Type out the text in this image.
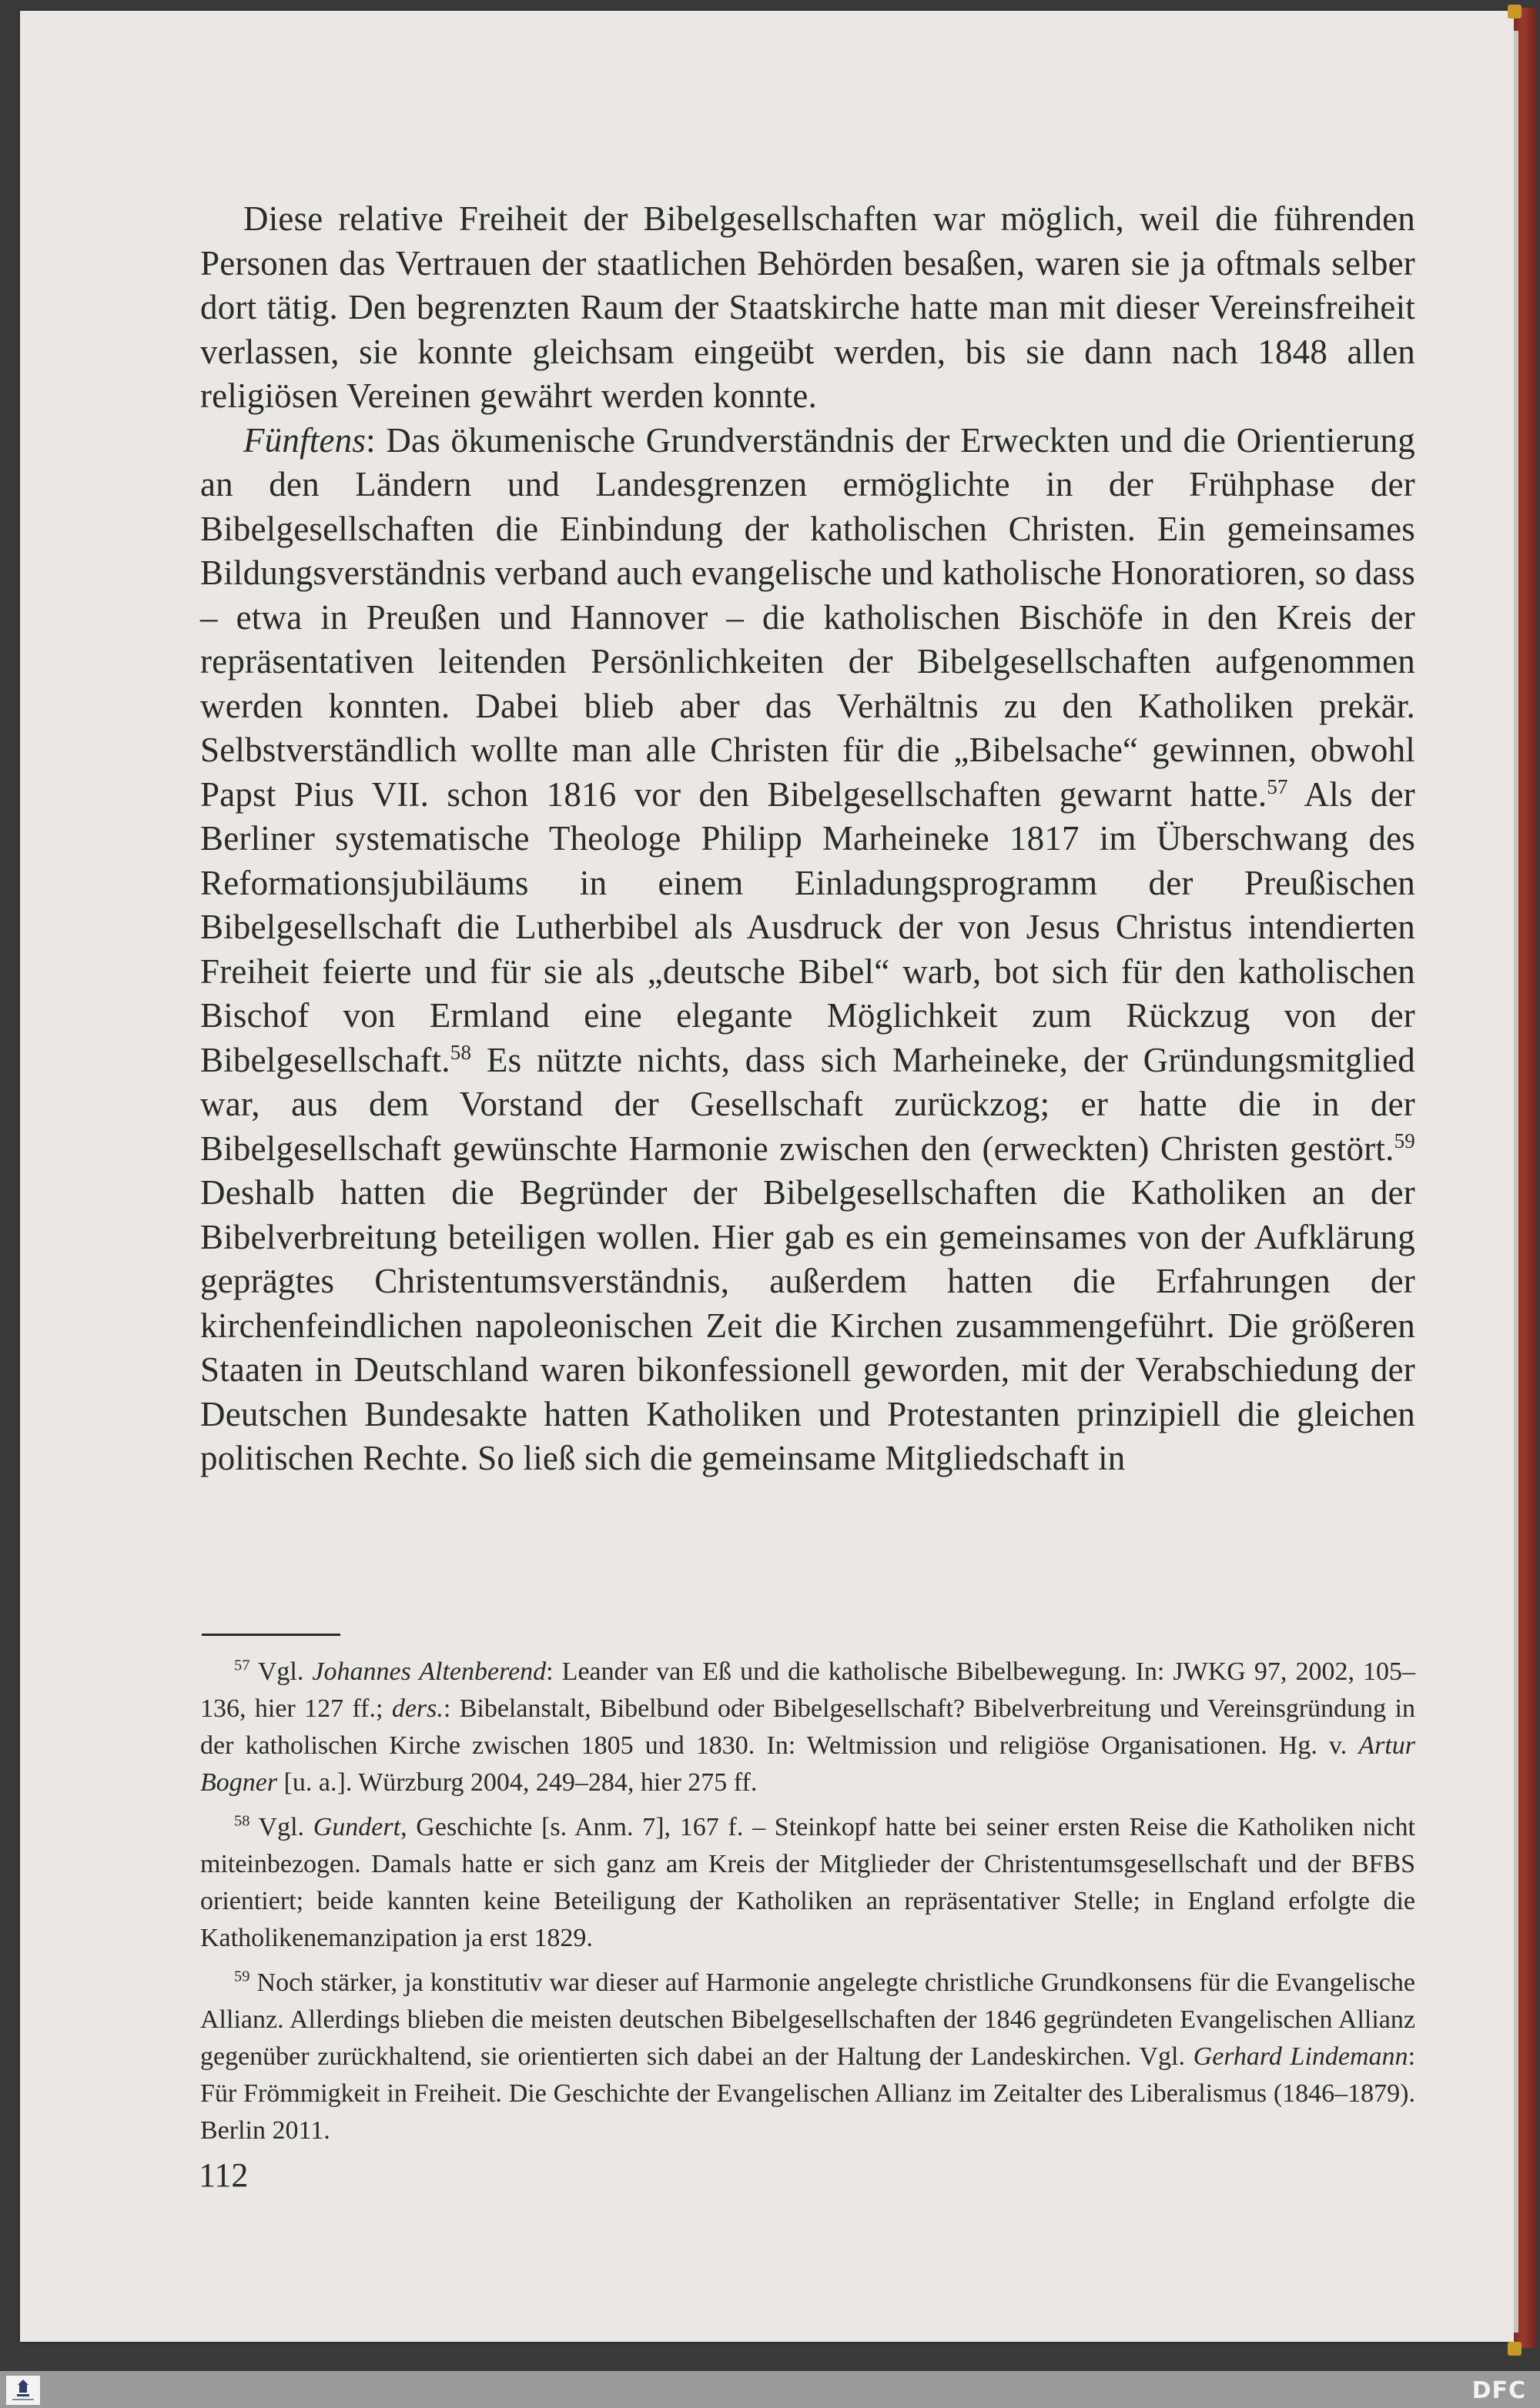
Diese relative Freiheit der Bibelgesellschaften war möglich, weil die führenden Personen das Vertrauen der staatlichen Behörden besaßen, waren sie ja oftmals selber dort tätig. Den begrenzten Raum der Staatskirche hatte man mit dieser Vereinsfreiheit verlassen, sie konnte gleichsam eingeübt werden, bis sie dann nach 1848 allen religiösen Vereinen gewährt werden konnte.

Fünftens: Das ökumenische Grundverständnis der Erweckten und die Orientierung an den Ländern und Landesgrenzen ermöglichte in der Frühphase der Bibelgesellschaften die Einbindung der katholischen Christen. Ein gemeinsames Bildungsverständnis verband auch evangelische und katholische Honoratioren, so dass – etwa in Preußen und Hannover – die katholischen Bischöfe in den Kreis der repräsentativen leitenden Persönlichkeiten der Bibelgesellschaften aufgenommen werden konnten. Dabei blieb aber das Verhältnis zu den Katholiken prekär. Selbstverständlich wollte man alle Christen für die „Bibelsache“ gewinnen, obwohl Papst Pius VII. schon 1816 vor den Bibelgesellschaften gewarnt hatte.$^{57}$ Als der Berliner systematische Theologe Philipp Marheineke 1817 im Überschwang des Reformationsjubiläums in einem Einladungsprogramm der Preußischen Bibelgesellschaft die Lutherbibel als Ausdruck der von Jesus Christus intendierten Freiheit feierte und für sie als „deutsche Bibel“ warb, bot sich für den katholischen Bischof von Ermland eine elegante Möglichkeit zum Rückzug von der Bibelgesellschaft.$^{58}$ Es nützte nichts, dass sich Marheineke, der Gründungsmitglied war, aus dem Vorstand der Gesellschaft zurückzog; er hatte die in der Bibelgesellschaft gewünschte Harmonie zwischen den (erweckten) Christen gestört.$^{59}$ Deshalb hatten die Begründer der Bibelgesellschaften die Katholiken an der Bibelverbreitung beteiligen wollen. Hier gab es ein gemeinsames von der Aufklärung geprägtes Christentumsverständnis, außerdem hatten die Erfahrungen der kirchenfeindlichen napoleonischen Zeit die Kirchen zusammengeführt. Die größeren Staaten in Deutschland waren bikonfessionell geworden, mit der Verabschiedung der Deutschen Bundesakte hatten Katholiken und Protestanten prinzipiell die gleichen politischen Rechte. So ließ sich die gemeinsame Mitgliedschaft in

$^{57}$ Vgl. Johannes Altenberend: Leander van Eß und die katholische Bibelbewegung. In: JWKG 97, 2002, 105–136, hier 127 ff.; ders.: Bibelanstalt, Bibelbund oder Bibelgesellschaft? Bibelverbreitung und Vereinsgründung in der katholischen Kirche zwischen 1805 und 1830. In: Weltmission und religiöse Organisationen. Hg. v. Artur Bogner [u. a.]. Würzburg 2004, 249–284, hier 275 ff.

$^{58}$ Vgl. Gundert, Geschichte [s. Anm. 7], 167 f. – Steinkopf hatte bei seiner ersten Reise die Katholiken nicht miteinbezogen. Damals hatte er sich ganz am Kreis der Mitglieder der Christentumsgesellschaft und der BFBS orientiert; beide kannten keine Beteiligung der Katholiken an repräsentativer Stelle; in England erfolgte die Katholikenemanzipation ja erst 1829.

$^{59}$ Noch stärker, ja konstitutiv war dieser auf Harmonie angelegte christliche Grundkonsens für die Evangelische Allianz. Allerdings blieben die meisten deutschen Bibelgesellschaften der 1846 gegründeten Evangelischen Allianz gegenüber zurückhaltend, sie orientierten sich dabei an der Haltung der Landeskirchen. Vgl. Gerhard Lindemann: Für Frömmigkeit in Freiheit. Die Geschichte der Evangelischen Allianz im Zeitalter des Liberalismus (1846–1879). Berlin 2011.

112
DFC
